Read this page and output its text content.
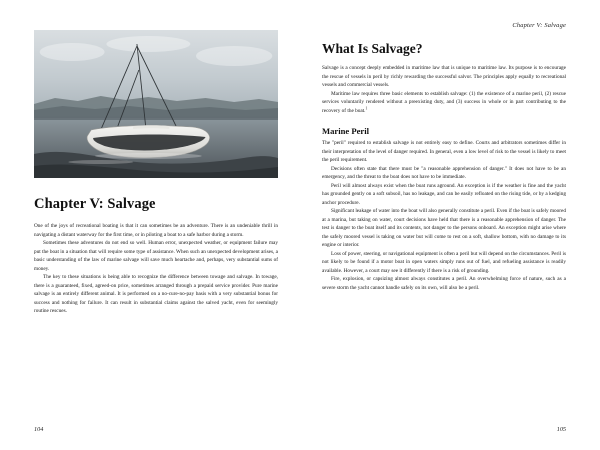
Chapter V: Salvage

One of the joys of recreational boating is that it can sometimes be an adventure. There is an undeniable thrill in navigating a distant waterway for the first time, or in piloting a boat to a safe harbor during a storm.

Sometimes these adventures do not end so well. Human error, unexpected weather, or equipment failure may put the boat in a situation that will require some type of assistance. When such an unexpected development arises, a basic understanding of the law of marine salvage will save much heartache and, perhaps, very substantial sums of money.

The key to these situations is being able to recognize the difference between towage and salvage. In towage, there is a guaranteed, fixed, agreed-on price, sometimes arranged through a prepaid service provider. Pure marine salvage is an entirely different animal. It is performed on a no-cure-no-pay basis with a very substantial bonus for success and nothing for failure. It can result in substantial claims against the salved yacht, even for seemingly routine rescues.

104
Chapter V: Salvage
What Is Salvage?

Salvage is a concept deeply embedded in maritime law that is unique to maritime law. Its purpose is to encourage the rescue of vessels in peril by richly rewarding the successful salvor. The principles apply equally to recreational vessels and commercial vessels.

Maritime law requires three basic elements to establish salvage: (1) the existence of a marine peril, (2) rescue services voluntarily rendered without a preexisting duty, and (3) success in whole or in part contributing to the recovery of the boat.$^1$

Marine Peril

The "peril" required to establish salvage is not entirely easy to define. Courts and arbitrators sometimes differ in their interpretation of the level of danger required. In general, even a low level of risk to the vessel is likely to meet the peril requirement.

Decisions often state that there must be "a reasonable apprehension of danger." It does not have to be an emergency, and the threat to the boat does not have to be immediate.

Peril will almost always exist when the boat runs aground. An exception is if the weather is fine and the yacht has grounded gently on a soft subsoil, has no leakage, and can be easily refloated on the rising tide, or by a kedging anchor procedure.

Significant leakage of water into the boat will also generally constitute a peril. Even if the boat is safely moored at a marina, but taking on water, court decisions have held that there is a reasonable apprehension of danger. The test is danger to the boat itself and its contents, not danger to the persons onboard. An exception might arise where the safely moored vessel is taking on water but will come to rest on a soft, shallow bottom, with no damage to its engine or interior.

Loss of power, steering, or navigational equipment is often a peril but will depend on the circumstances. Peril is not likely to be found if a motor boat in open waters simply runs out of fuel, and refueling assistance is readily available. However, a court may see it differently if there is a risk of grounding.

Fire, explosion, or capsizing almost always constitutes a peril. An overwhelming force of nature, such as a severe storm the yacht cannot handle safely on its own, will also be a peril.

105
